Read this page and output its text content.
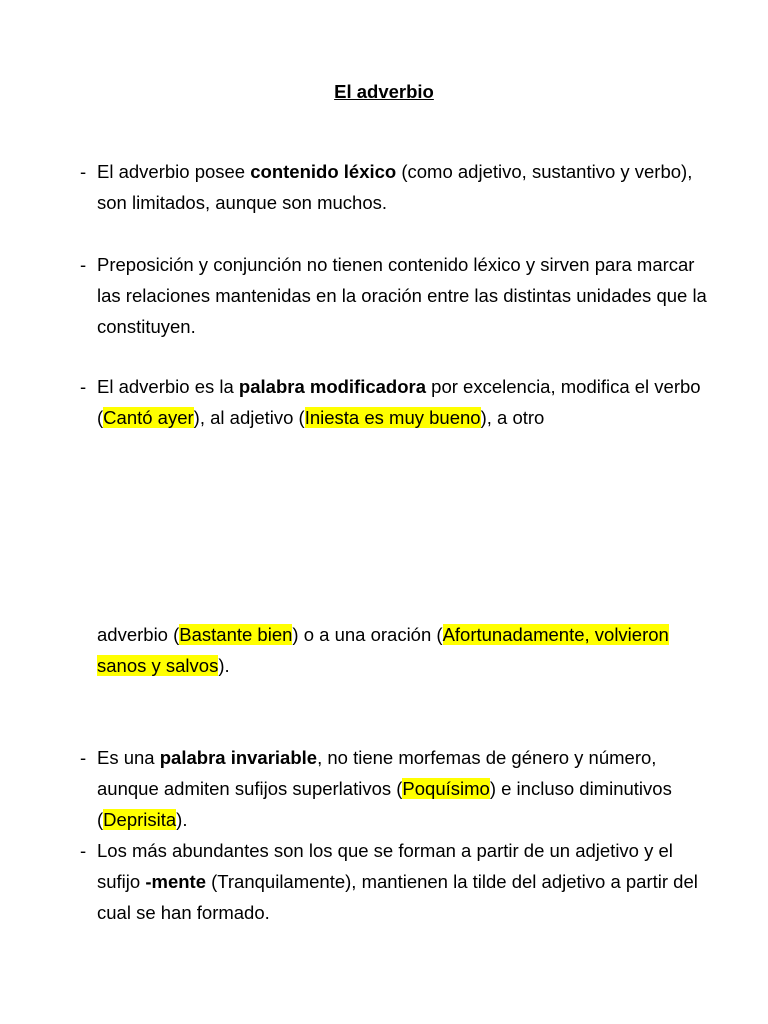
El adverbio
- El adverbio posee contenido léxico (como adjetivo, sustantivo y verbo), son limitados, aunque son muchos.
- Preposición y conjunción no tienen contenido léxico y sirven para marcar las relaciones mantenidas en la oración entre las distintas unidades que la constituyen.
- El adverbio es la palabra modificadora por excelencia, modifica el verbo (Cantó ayer), al adjetivo (Iniesta es muy bueno), a otro
adverbio (Bastante bien) o a una oración (Afortunadamente, volvieron sanos y salvos).
- Es una palabra invariable, no tiene morfemas de género y número, aunque admiten sufijos superlativos (Poquísimo) e incluso diminutivos (Deprisita).
- Los más abundantes son los que se forman a partir de un adjetivo y el sufijo -mente (Tranquilamente), mantienen la tilde del adjetivo a partir del cual se han formado.
